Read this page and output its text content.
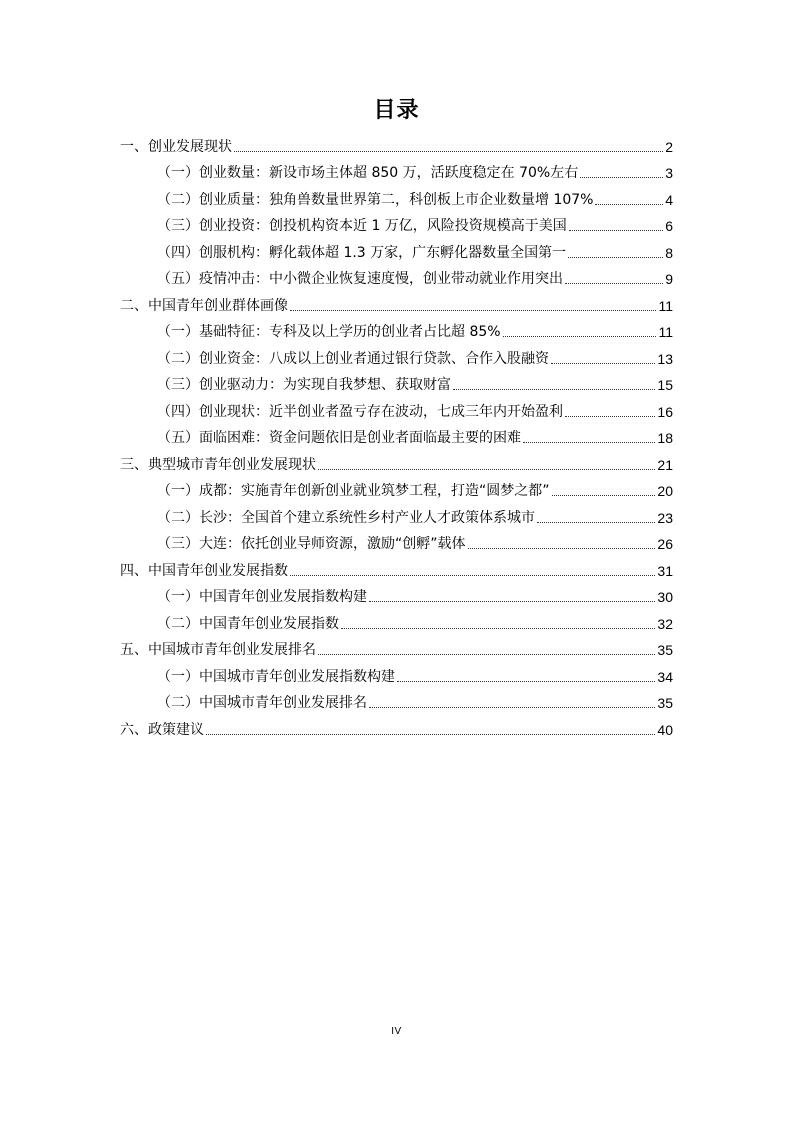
目录
一、创业发展现状	2
（一）创业数量：新设市场主体超 850 万，活跃度稳定在 70%左右	3
（二）创业质量：独角兽数量世界第二，科创板上市企业数量增 107%	4
（三）创业投资：创投机构资本近 1 万亿，风险投资规模高于美国	6
（四）创服机构：孵化载体超 1.3 万家，广东孵化器数量全国第一	8
（五）疫情冲击：中小微企业恢复速度慢，创业带动就业作用突出	9
二、中国青年创业群体画像	11
（一）基础特征：专科及以上学历的创业者占比超 85%	11
（二）创业资金：八成以上创业者通过银行贷款、合作入股融资	13
（三）创业驱动力：为实现自我梦想、获取财富	15
（四）创业现状：近半创业者盈亏存在波动，七成三年内开始盈利	16
（五）面临困难：资金问题依旧是创业者面临最主要的困难	18
三、典型城市青年创业发展现状	21
（一）成都：实施青年创新创业就业筑梦工程，打造“圆梦之都”	20
（二）长沙：全国首个建立系统性乡村产业人才政策体系城市	23
（三）大连：依托创业导师资源，激励“创孵”载体	26
四、中国青年创业发展指数	31
（一）中国青年创业发展指数构建	30
（二）中国青年创业发展指数	32
五、中国城市青年创业发展排名	35
（一）中国城市青年创业发展指数构建	34
（二）中国城市青年创业发展排名	35
六、政策建议	40
IV
